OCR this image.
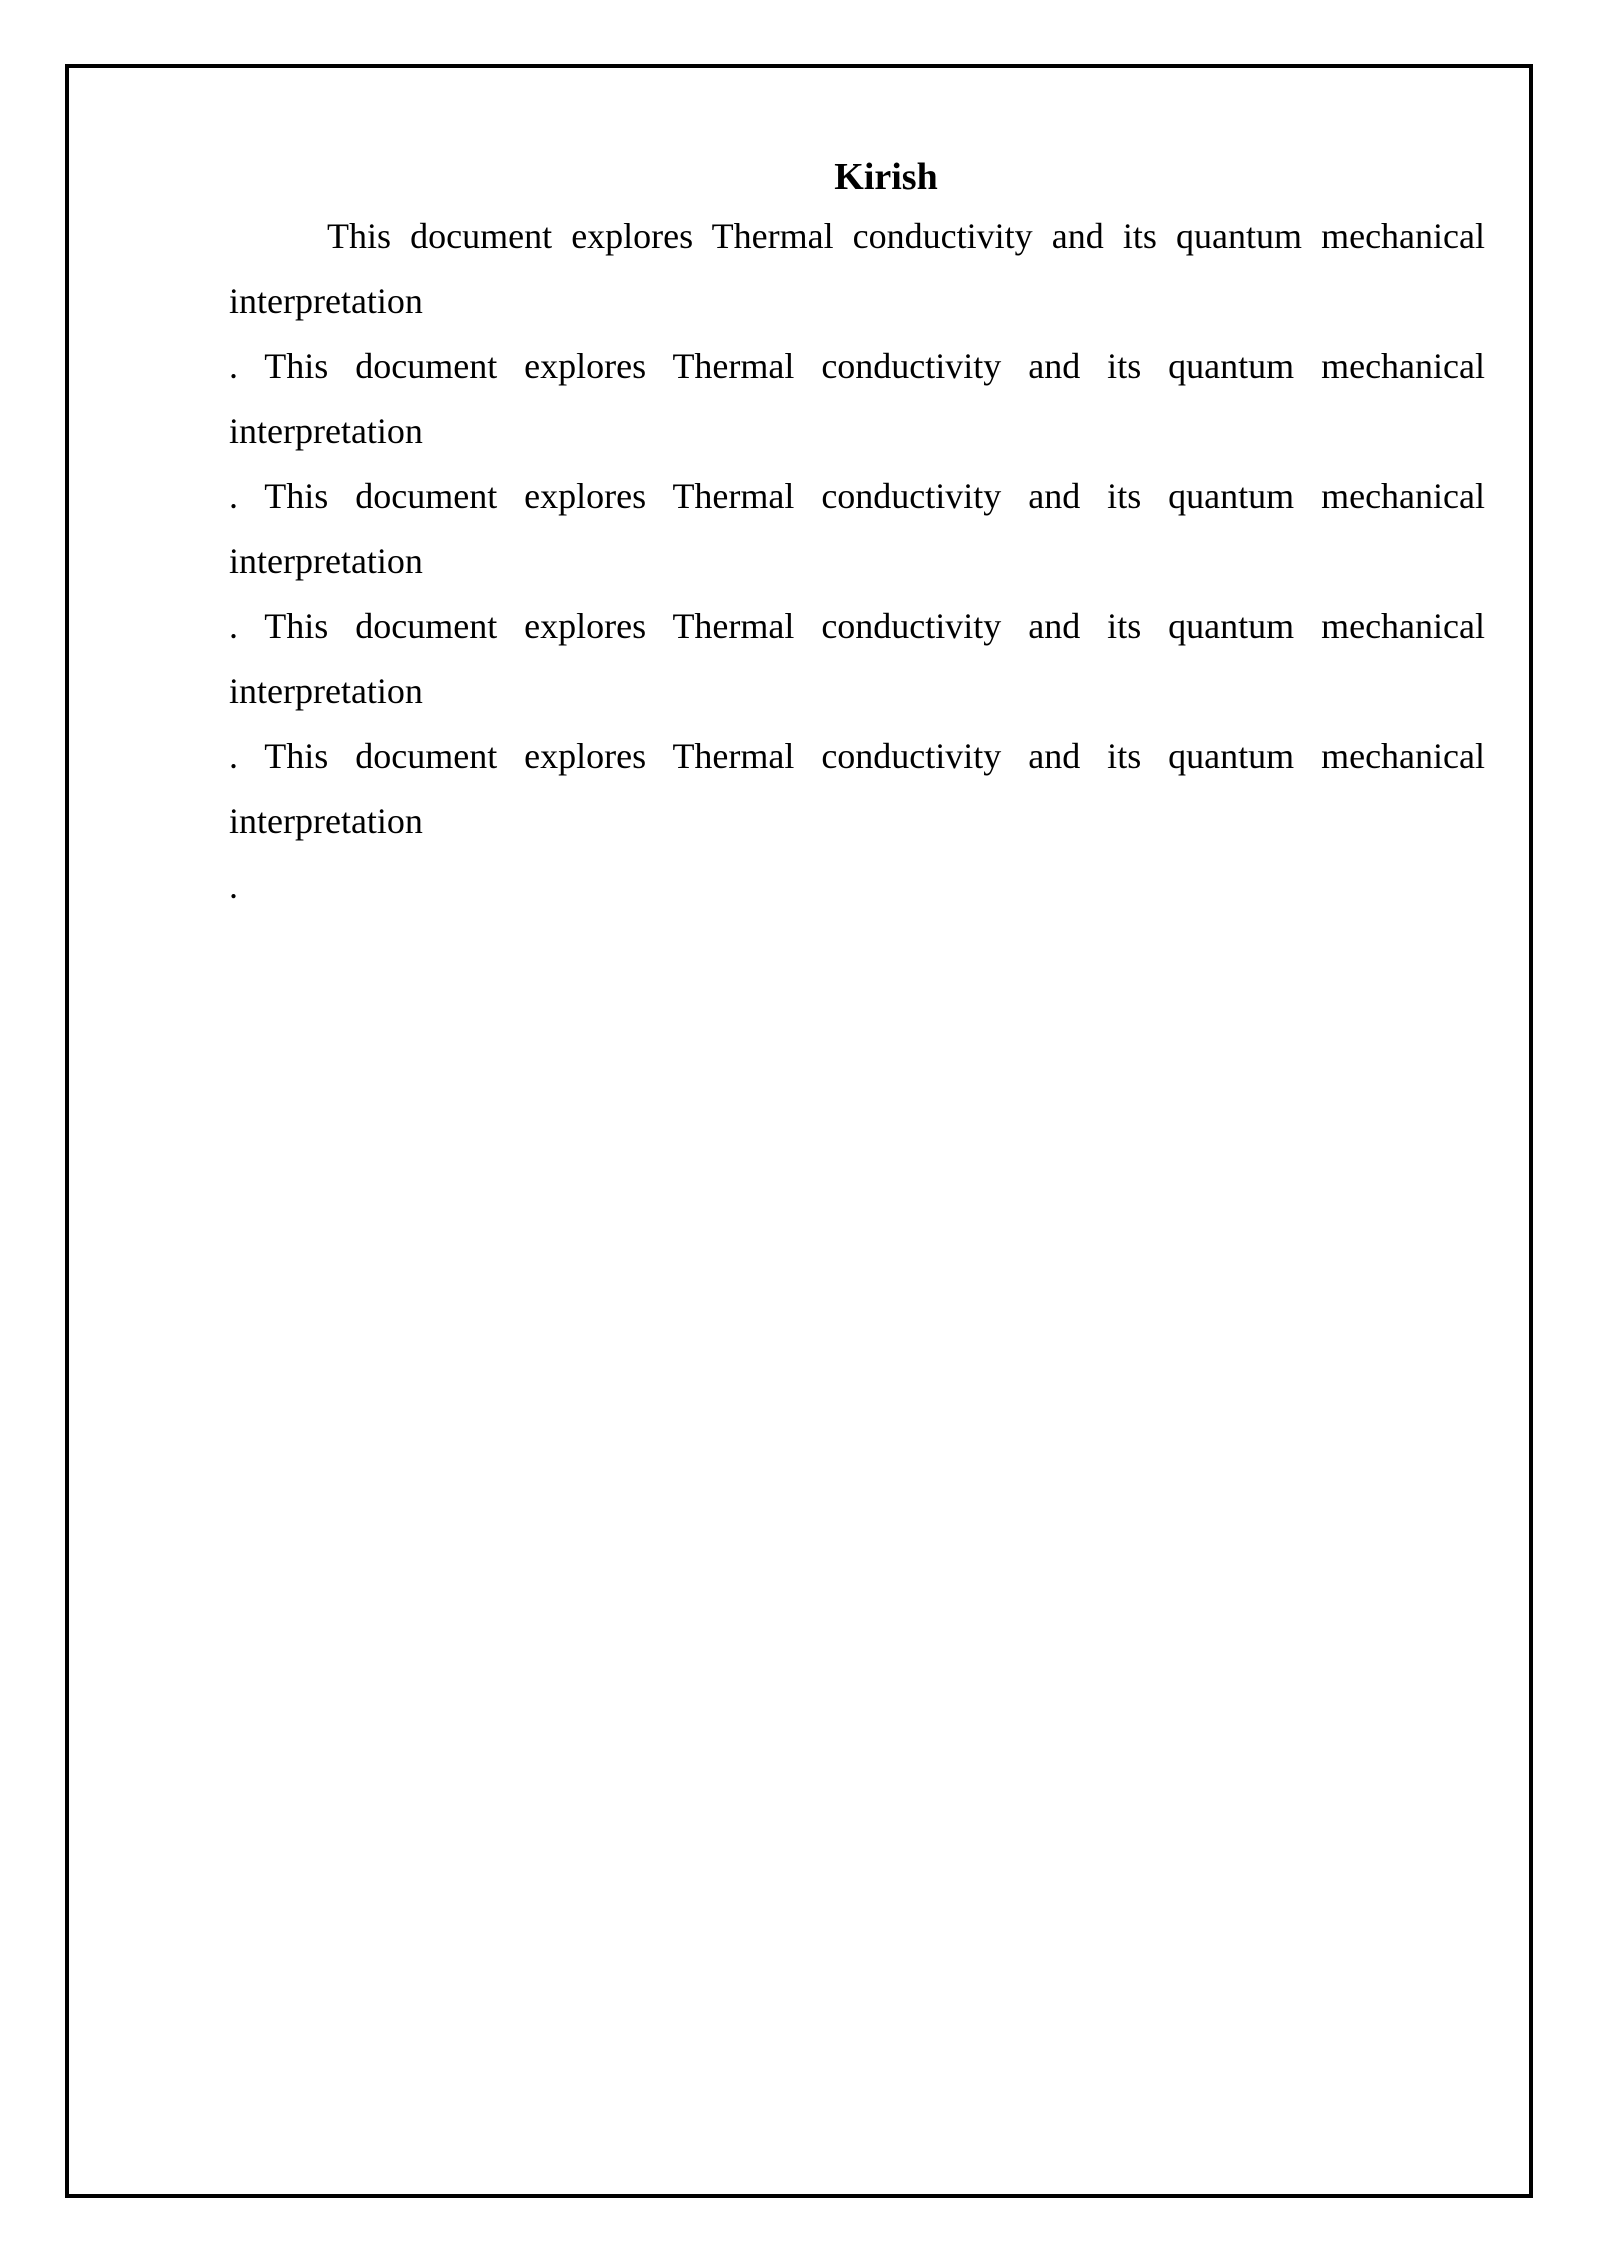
Kirish
This document explores Thermal conductivity and its quantum mechanical
interpretation
. This document explores Thermal conductivity and its quantum mechanical
interpretation
. This document explores Thermal conductivity and its quantum mechanical
interpretation
. This document explores Thermal conductivity and its quantum mechanical
interpretation
. This document explores Thermal conductivity and its quantum mechanical
interpretation
.
